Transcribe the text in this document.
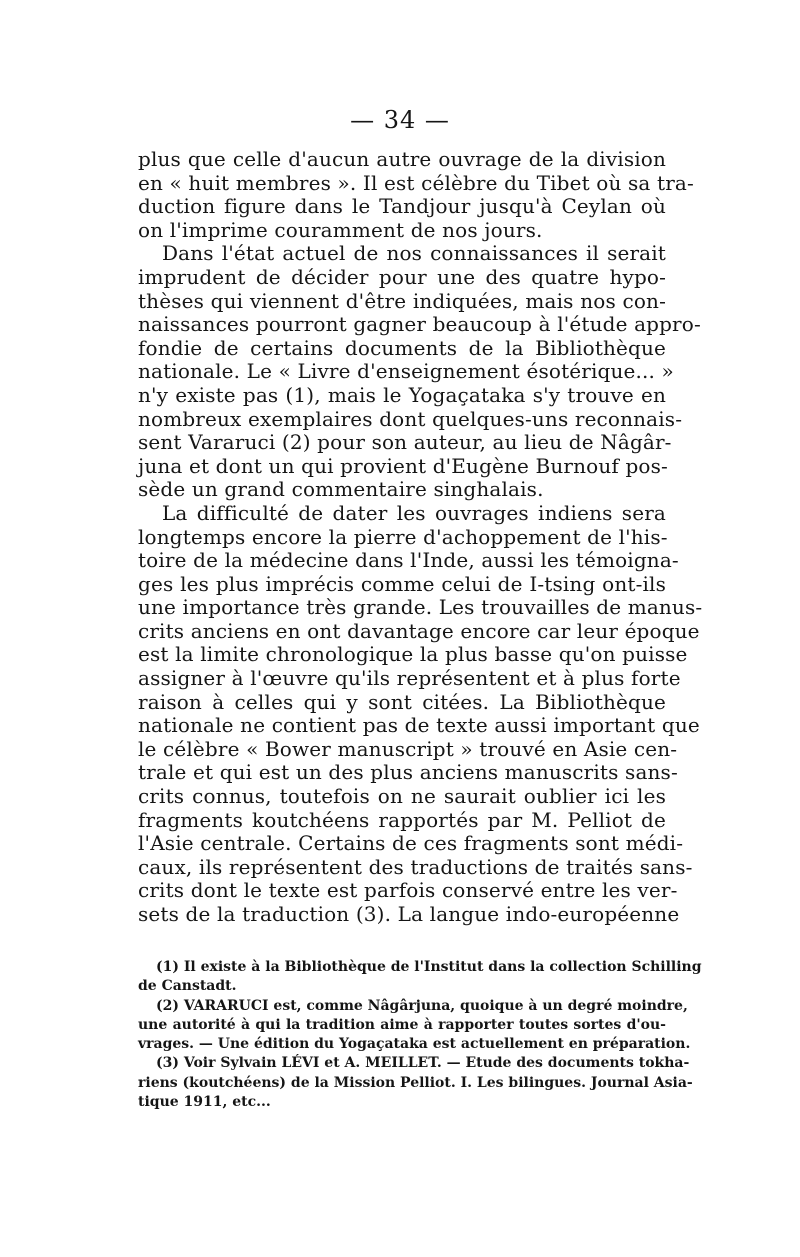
— 34 —
plus que celle d'aucun autre ouvrage de la division
en « huit membres ». Il est célèbre du Tibet où sa tra-
duction figure dans le Tandjour jusqu'à Ceylan où
on l'imprime couramment de nos jours.
Dans l'état actuel de nos connaissances il serait
imprudent de décider pour une des quatre hypo-
thèses qui viennent d'être indiquées, mais nos con-
naissances pourront gagner beaucoup à l'étude appro-
fondie de certains documents de la Bibliothèque
nationale. Le « Livre d'enseignement ésotérique... »
n'y existe pas (1), mais le Yogaçataka s'y trouve en
nombreux exemplaires dont quelques-uns reconnais-
sent Vararuci (2) pour son auteur, au lieu de Nâgâr-
juna et dont un qui provient d'Eugène Burnouf pos-
sède un grand commentaire singhalais.
La difficulté de dater les ouvrages indiens sera
longtemps encore la pierre d'achoppement de l'his-
toire de la médecine dans l'Inde, aussi les témoigna-
ges les plus imprécis comme celui de I-tsing ont-ils
une importance très grande. Les trouvailles de manus-
crits anciens en ont davantage encore car leur époque
est la limite chronologique la plus basse qu'on puisse
assigner à l'œuvre qu'ils représentent et à plus forte
raison à celles qui y sont citées. La Bibliothèque
nationale ne contient pas de texte aussi important que
le célèbre « Bower manuscript » trouvé en Asie cen-
trale et qui est un des plus anciens manuscrits sans-
crits connus, toutefois on ne saurait oublier ici les
fragments koutchéens rapportés par M. Pelliot de
l'Asie centrale. Certains de ces fragments sont médi-
caux, ils représentent des traductions de traités sans-
crits dont le texte est parfois conservé entre les ver-
sets de la traduction (3). La langue indo-européenne
(1) Il existe à la Bibliothèque de l'Institut dans la collection Schilling
de Canstadt.
(2) VARARUCI est, comme Nâgârjuna, quoique à un degré moindre,
une autorité à qui la tradition aime à rapporter toutes sortes d'ou-
vrages. — Une édition du Yogaçataka est actuellement en préparation.
(3) Voir Sylvain LÉVI et A. MEILLET. — Etude des documents tokha-
riens (koutchéens) de la Mission Pelliot. I. Les bilingues. Journal Asia-
tique 1911, etc...
